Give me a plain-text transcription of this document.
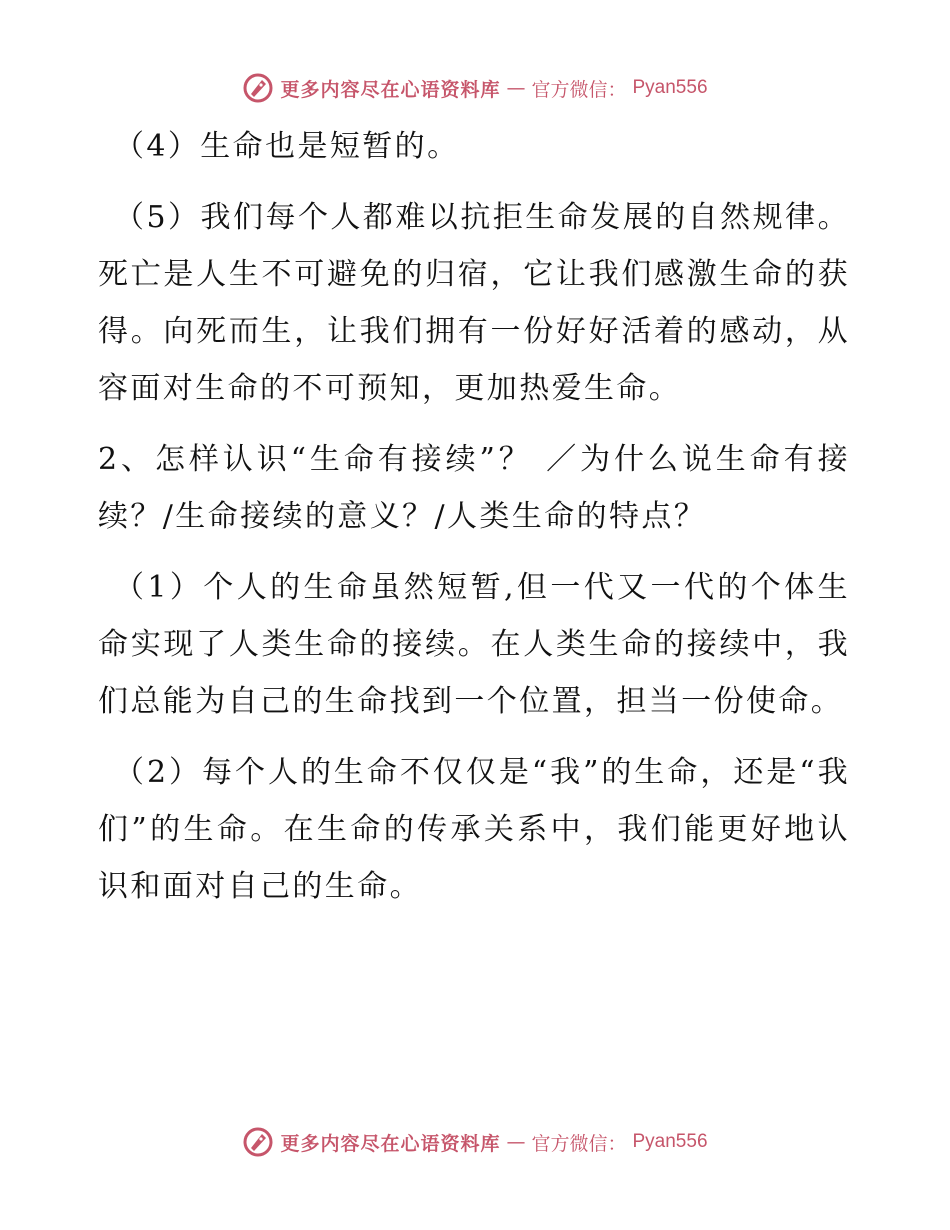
更多内容尽在心语资料库 — 官方微信： Pyan556

（4）生命也是短暂的。

（5）我们每个人都难以抗拒生命发展的自然规律。死亡是人生不可避免的归宿，它让我们感激生命的获得。向死而生，让我们拥有一份好好活着的感动，从容面对生命的不可预知，更加热爱生命。

2、怎样认识“生命有接续”？ ／为什么说生命有接续？/生命接续的意义？/人类生命的特点？

（1）个人的生命虽然短暂,但一代又一代的个体生命实现了人类生命的接续。在人类生命的接续中，我们总能为自己的生命找到一个位置，担当一份使命。

（2）每个人的生命不仅仅是“我”的生命，还是“我们”的生命。在生命的传承关系中，我们能更好地认识和面对自己的生命。

更多内容尽在心语资料库 — 官方微信： Pyan556
